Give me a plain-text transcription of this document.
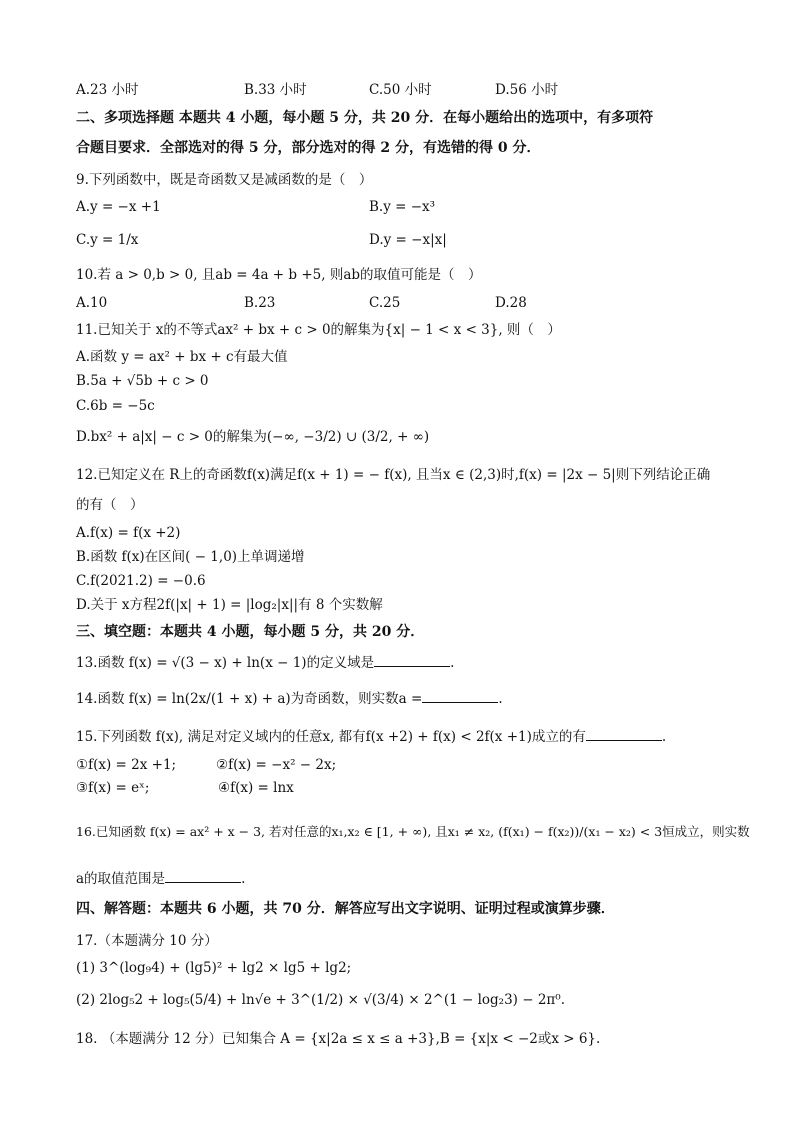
A.23 小时	B.33 小时	C.50 小时	D.56 小时
二、多项选择题 本题共 4 小题，每小题 5 分，共 20 分．在每小题给出的选项中，有多项符
合题目要求．全部选对的得 5 分，部分选对的得 2 分，有选错的得 0 分．
9.下列函数中，既是奇函数又是减函数的是（　）
A.y = −x +1	B.y = −x³
C.y = 1/x	D.y = −x|x|
10.若 a > 0,b > 0, 且ab = 4a + b +5, 则ab的取值可能是（　）
A.10	B.23	C.25	D.28
11.已知关于 x的不等式ax² + bx + c > 0的解集为{x| − 1 < x < 3}, 则（　）
A.函数 y = ax² + bx + c有最大值
B.5a + √5b + c > 0
C.6b = −5c
D.bx² + a|x| − c > 0的解集为(−∞, −3/2) ∪ (3/2, + ∞)
12.已知定义在 R上的奇函数f(x)满足f(x + 1) = − f(x), 且当x ∈ (2,3)时,f(x) = |2x − 5|则下列结论正确
的有（　）
A.f(x) = f(x +2)
B.函数 f(x)在区间( − 1,0)上单调递增
C.f(2021.2) = −0.6
D.关于 x方程2f(|x| + 1) = |log₂|x||有 8 个实数解
三、填空题：本题共 4 小题，每小题 5 分，共 20 分．
13.函数 f(x) = √(3 − x) + ln(x − 1)的定义域是	.
14.函数 f(x) = ln(2x/(1 + x) + a)为奇函数，则实数a =	.
15.下列函数 f(x), 满足对定义域内的任意x, 都有f(x +2) + f(x) < 2f(x +1)成立的有	.
①f(x) = 2x +1;	②f(x) = −x² − 2x;
③f(x) = eˣ;	④f(x) = lnx
16.已知函数 f(x) = ax² + x − 3, 若对任意的x₁,x₂ ∈ [1, + ∞), 且x₁ ≠ x₂, (f(x₁) − f(x₂))/(x₁ − x₂) < 3恒成立，则实数
a的取值范围是	.
四、解答题：本题共 6 小题，共 70 分．解答应写出文字说明、证明过程或演算步骤．
17.（本题满分 10 分）
(1) 3^(log₉4) + (lg5)² + lg2 × lg5 + lg2;
(2) 2log₅2 + log₅(5/4) + ln√e + 3^(1/2) × √(3/4) × 2^(1 − log₂3) − 2π⁰.
18. （本题满分 12 分）已知集合 A = {x|2a ≤ x ≤ a +3},B = {x|x < −2或x > 6}.
